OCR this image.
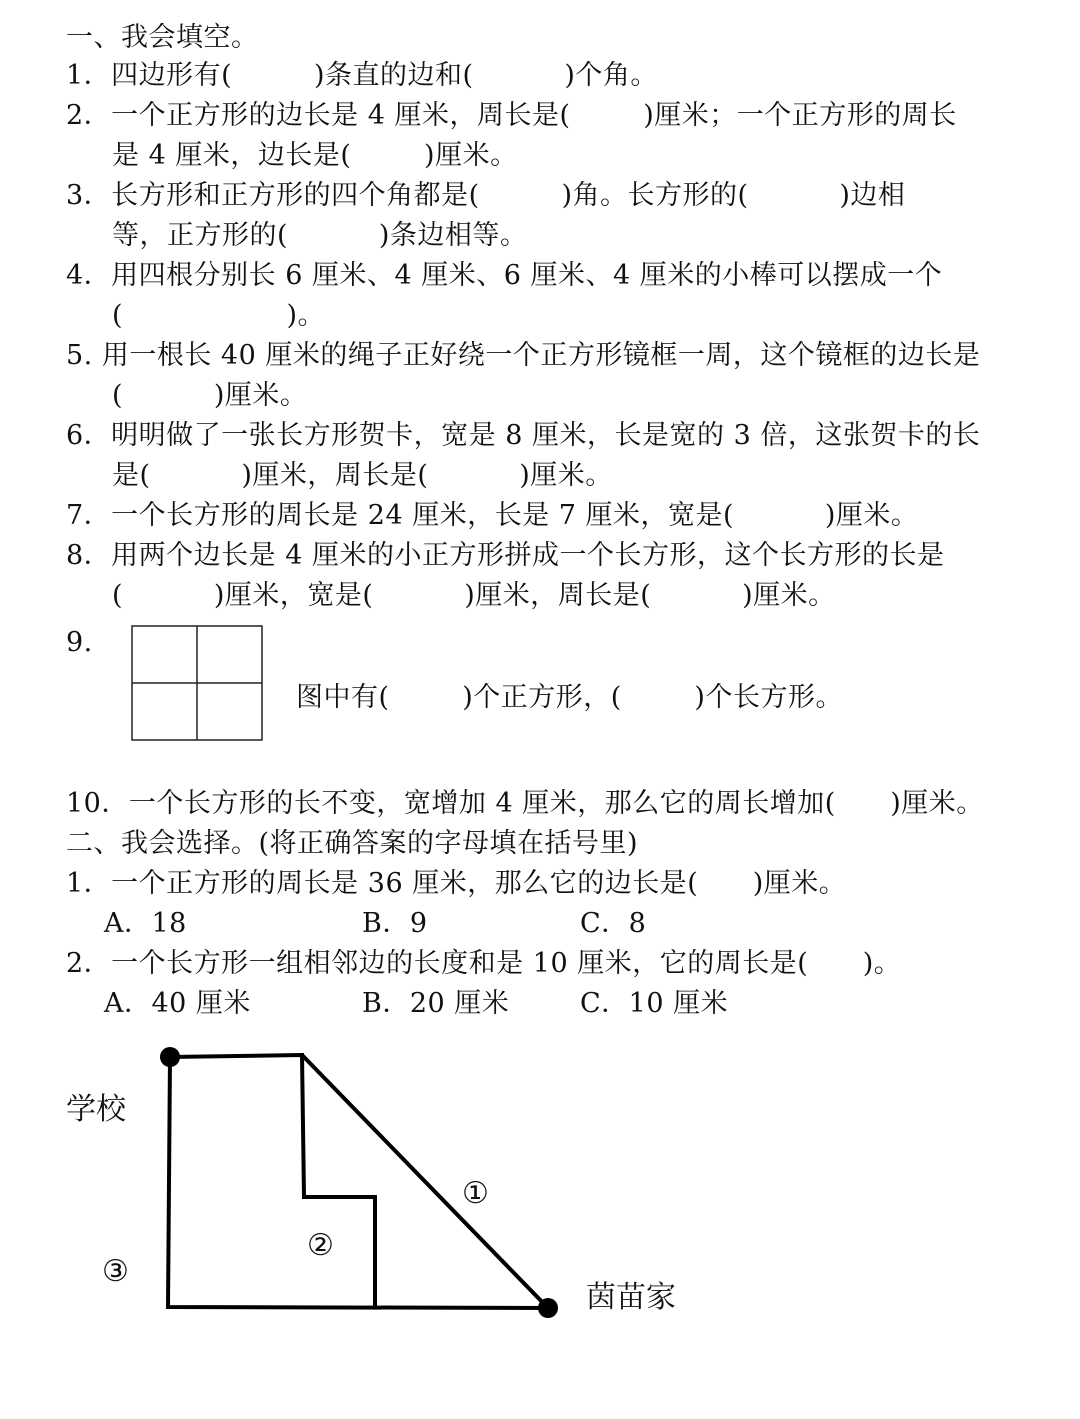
一、我会填空。
1．四边形有(         )条直的边和(          )个角。
2．一个正方形的边长是 4 厘米，周长是(        )厘米；一个正方形的周长
是 4 厘米，边长是(        )厘米。
3．长方形和正方形的四个角都是(         )角。长方形的(          )边相
等，正方形的(          )条边相等。
4．用四根分别长 6 厘米、4 厘米、6 厘米、4 厘米的小棒可以摆成一个
(                  )。
5. 用一根长 40 厘米的绳子正好绕一个正方形镜框一周，这个镜框的边长是
(          )厘米。
6．明明做了一张长方形贺卡，宽是 8 厘米，长是宽的 3 倍，这张贺卡的长
是(          )厘米，周长是(          )厘米。
7．一个长方形的周长是 24 厘米，长是 7 厘米，宽是(          )厘米。
8．用两个边长是 4 厘米的小正方形拼成一个长方形，这个长方形的长是
(          )厘米，宽是(          )厘米，周长是(          )厘米。
9.
图中有(        )个正方形，(        )个长方形。
10．一个长方形的长不变，宽增加 4 厘米，那么它的周长增加(      )厘米。
二、我会选择。(将正确答案的字母填在括号里)
1．一个正方形的周长是 36 厘米，那么它的边长是(      )厘米。
A．18	B．9	C．8
2．一个长方形一组相邻边的长度和是 10 厘米，它的周长是(      )。
A．40 厘米	B．20 厘米	C．10 厘米
学校
茵苗家
①
②
③
